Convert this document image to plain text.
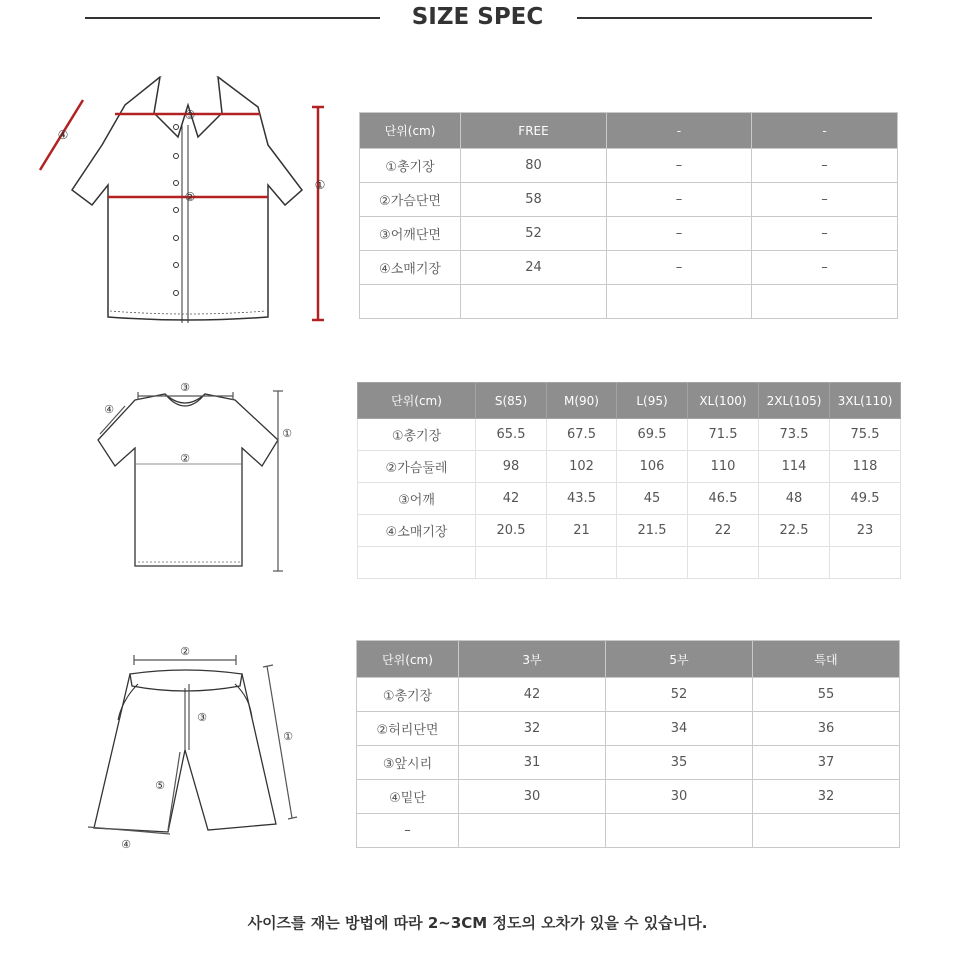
SIZE SPEC
③
②
①
④	단위(cm)	FREE	-	-
①총기장	80	–	–
②가슴단면	58	–	–
③어깨단면	52	–	–
④소매기장	24	–	–

③
②
①
④
단위(cm)	S(85)	M(90)	L(95)	XL(100)	2XL(105)	3XL(110)
①총기장	65.5	67.5	69.5	71.5	73.5	75.5
②가슴둘레	98	102	106	110	114	118
③어깨	42	43.5	45	46.5	48	49.5
④소매기장	20.5	21	21.5	22	22.5	23

②
③
①
⑤
④
단위(cm)	3부	5부	특대
①총기장	42	52	55
②허리단면	32	34	36
③앞시리	31	35	37
④밑단	30	30	32
–			
사이즈를 재는 방법에 따라 2~3CM 정도의 오차가 있을 수 있습니다.
